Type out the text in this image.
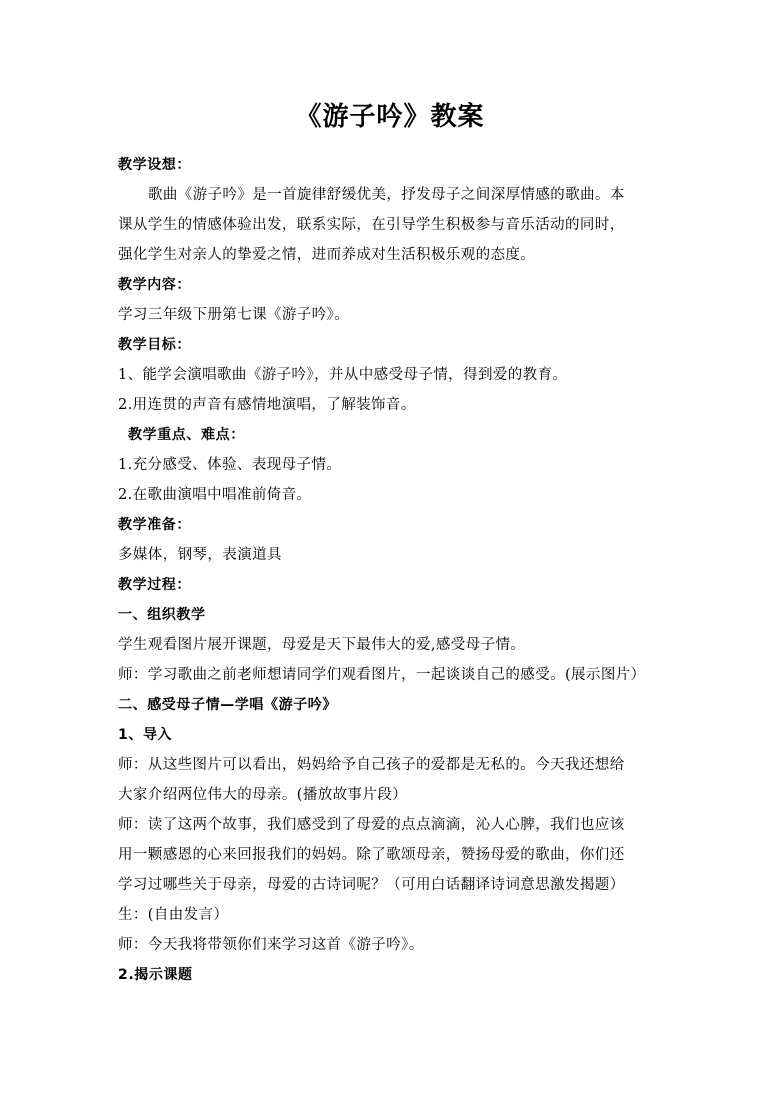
《游子吟》教案
教学设想：
歌曲《游子吟》是一首旋律舒缓优美，抒发母子之间深厚情感的歌曲。本
课从学生的情感体验出发，联系实际，在引导学生积极参与音乐活动的同时，
强化学生对亲人的挚爱之情，进而养成对生活积极乐观的态度。
教学内容：
学习三年级下册第七课《游子吟》。
教学目标：
1、能学会演唱歌曲《游子吟》，并从中感受母子情，得到爱的教育。
2.用连贯的声音有感情地演唱，了解装饰音。
教学重点、难点：
1.充分感受、体验、表现母子情。
2.在歌曲演唱中唱准前倚音。
教学准备：
多媒体，钢琴，表演道具
教学过程：
一、组织教学
学生观看图片展开课题，母爱是天下最伟大的爱,感受母子情。
师：学习歌曲之前老师想请同学们观看图片，一起谈谈自己的感受。(展示图片）
二、感受母子情—学唱《游子吟》
1、导入
师：从这些图片可以看出，妈妈给予自己孩子的爱都是无私的。今天我还想给
大家介绍两位伟大的母亲。(播放故事片段）
师：读了这两个故事，我们感受到了母爱的点点滴滴，沁人心脾，我们也应该
用一颗感恩的心来回报我们的妈妈。除了歌颂母亲，赞扬母爱的歌曲，你们还
学习过哪些关于母亲，母爱的古诗词呢？（可用白话翻译诗词意思激发揭题）
生：(自由发言）
师：今天我将带领你们来学习这首《游子吟》。
2.揭示课题
